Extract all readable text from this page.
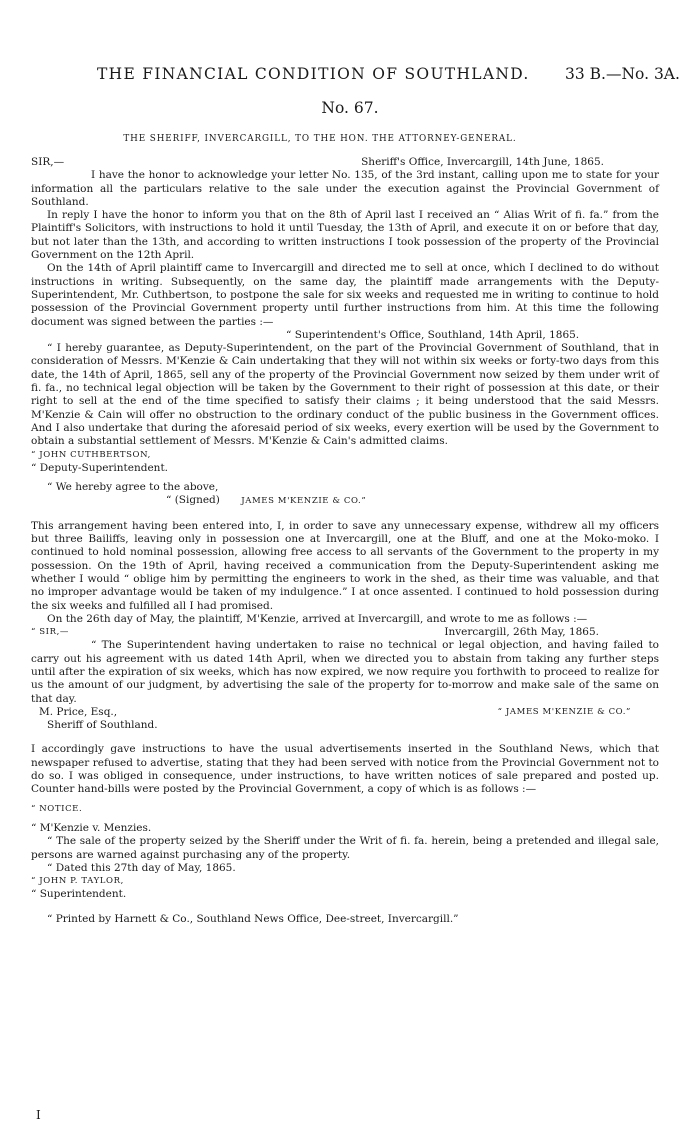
THE FINANCIAL CONDITION OF SOUTHLAND. 33 B.—No. 3A.
No. 67.
THE SHERIFF, INVERCARGILL, TO THE HON. THE ATTORNEY-GENERAL.
SIR,—	Sheriff's Office, Invercargill, 14th June, 1865.

I have the honor to acknowledge your letter No. 135, of the 3rd instant, calling upon me to state for your information all the particulars relative to the sale under the execution against the Provincial Government of Southland.

In reply I have the honor to inform you that on the 8th of April last I received an “ Alias Writ of fi. fa.” from the Plaintiff's Solicitors, with instructions to hold it until Tuesday, the 13th of April, and execute it on or before that day, but not later than the 13th, and according to written instructions I took possession of the property of the Provincial Government on the 12th April.

On the 14th of April plaintiff came to Invercargill and directed me to sell at once, which I declined to do without instructions in writing. Subsequently, on the same day, the plaintiff made arrangements with the Deputy-Superintendent, Mr. Cuthbertson, to postpone the sale for six weeks and requested me in writing to continue to hold possession of the Provincial Government property until further instructions from him. At this time the following document was signed between the parties :—

“ Superintendent's Office, Southland, 14th April, 1865.

“ I hereby guarantee, as Deputy-Superintendent, on the part of the Provincial Government of Southland, that in consideration of Messrs. M'Kenzie & Cain undertaking that they will not within six weeks or forty-two days from this date, the 14th of April, 1865, sell any of the property of the Provincial Government now seized by them under writ of fi. fa., no technical legal objection will be taken by the Government to their right of possession at this date, or their right to sell at the end of the time specified to satisfy their claims ; it being understood that the said Messrs. M'Kenzie & Cain will offer no obstruction to the ordinary conduct of the public business in the Government offices. And I also undertake that during the aforesaid period of six weeks, every exertion will be used by the Government to obtain a substantial settlement of Messrs. M'Kenzie & Cain's admitted claims.

“ JOHN CUTHBERTSON,

“ Deputy-Superintendent.

“ We hereby agree to the above,

“ (Signed)	JAMES M'KENZIE & CO.”

This arrangement having been entered into, I, in order to save any unnecessary expense, withdrew all my officers but three Bailiffs, leaving only in possession one at Invercargill, one at the Bluff, and one at the Moko-moko. I continued to hold nominal possession, allowing free access to all servants of the Government to the property in my possession. On the 19th of April, having received a communication from the Deputy-Superintendent asking me whether I would “ oblige him by permitting the engineers to work in the shed, as their time was valuable, and that no improper advantage would be taken of my indulgence.” I at once assented. I continued to hold possession during the six weeks and fulfilled all I had promised.

On the 26th day of May, the plaintiff, M'Kenzie, arrived at Invercargill, and wrote to me as follows :—

“ SIR,—	Invercargill, 26th May, 1865.

“ The Superintendent having undertaken to raise no technical or legal objection, and having failed to carry out his agreement with us dated 14th April, when we directed you to abstain from taking any further steps until after the expiration of six weeks, which has now expired, we now require you forthwith to proceed to realize for us the amount of our judgment, by advertising the sale of the property for to-morrow and make sale of the same on that day.

M. Price, Esq.,	“ JAMES M'KENZIE & CO.”

Sheriff of Southland.

I accordingly gave instructions to have the usual advertisements inserted in the Southland News, which that newspaper refused to advertise, stating that they had been served with notice from the Provincial Government not to do so. I was obliged in consequence, under instructions, to have written notices of sale prepared and posted up. Counter hand-bills were posted by the Provincial Government, a copy of which is as follows :—

“ NOTICE.

“ M'Kenzie v. Menzies.

“ The sale of the property seized by the Sheriff under the Writ of fi. fa. herein, being a pretended and illegal sale, persons are warned against purchasing any of the property.

“ Dated this 27th day of May, 1865.

“ JOHN P. TAYLOR,

“ Superintendent.

“ Printed by Harnett & Co., Southland News Office, Dee-street, Invercargill.”

I
